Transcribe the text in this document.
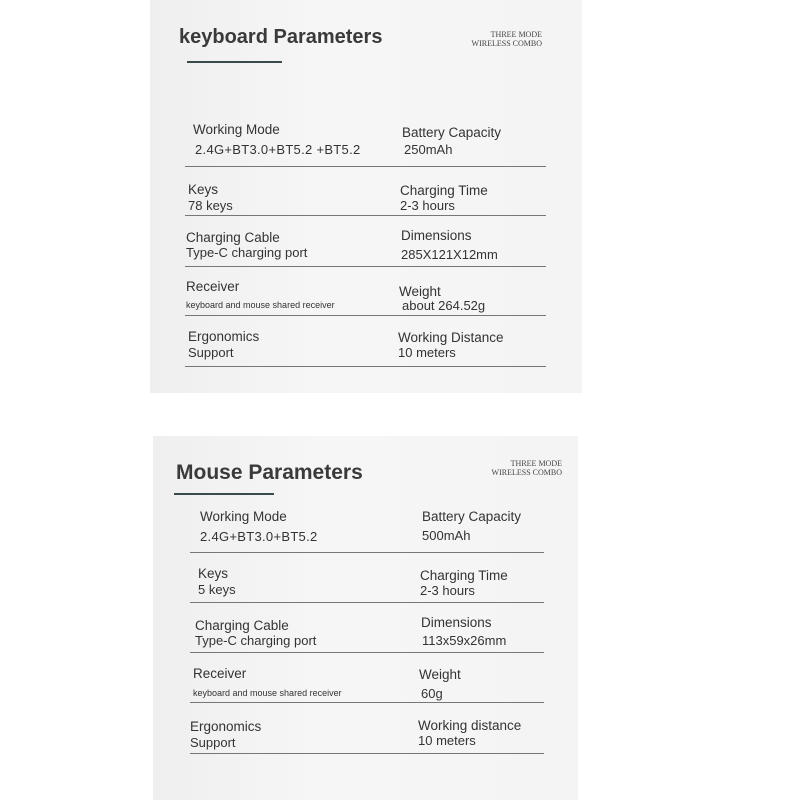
keyboard Parameters	THREE MODE
WIRELESS COMBO
Working Mode
2.4G+BT3.0+BT5.2 +BT5.2
Battery Capacity
250mAh
Keys
78 keys
Charging Time
2-3 hours
Charging Cable
Type-C charging port
Dimensions
285X121X12mm
Receiver
keyboard and mouse shared receiver
Weight
about 264.52g
Ergonomics
Support
Working Distance
10 meters
Mouse Parameters	THREE MODE
WIRELESS COMBO
Working Mode
2.4G+BT3.0+BT5.2
Battery Capacity
500mAh
Keys
5 keys
Charging Time
2-3 hours
Charging Cable
Type-C charging port
Dimensions
113x59x26mm
Receiver
keyboard and mouse shared receiver
Weight
60g
Ergonomics
Support
Working distance
10 meters
